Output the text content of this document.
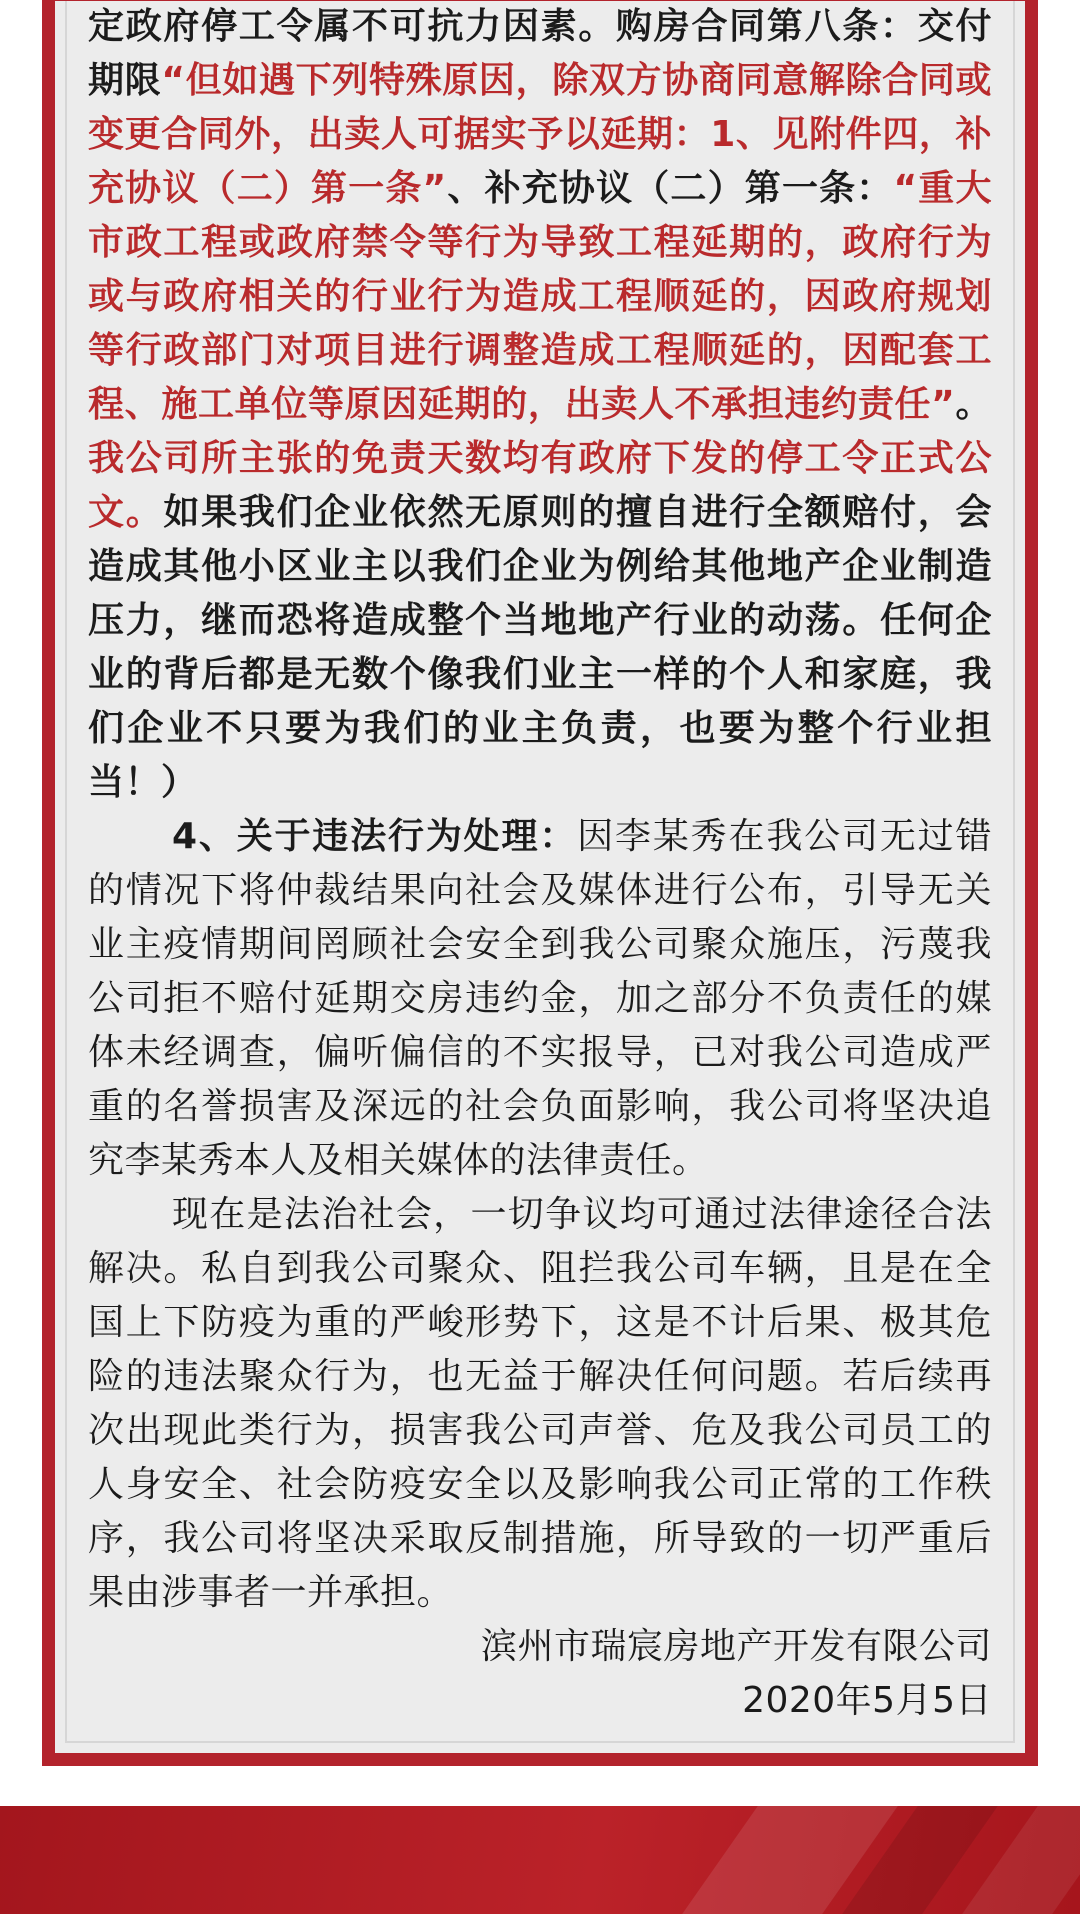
定政府停工令属不可抗力因素。购房合同第八条：交付期限“但如遇下列特殊原因，除双方协商同意解除合同或变更合同外，出卖人可据实予以延期：1、见附件四，补充协议（二）第一条”、补充协议（二）第一条：“重大市政工程或政府禁令等行为导致工程延期的，政府行为或与政府相关的行业行为造成工程顺延的，因政府规划等行政部门对项目进行调整造成工程顺延的，因配套工程、施工单位等原因延期的，出卖人不承担违约责任”。我公司所主张的免责天数均有政府下发的停工令正式公文。如果我们企业依然无原则的擅自进行全额赔付，会造成其他小区业主以我们企业为例给其他地产企业制造压力，继而恐将造成整个当地地产行业的动荡。任何企业的背后都是无数个像我们业主一样的个人和家庭，我们企业不只要为我们的业主负责，也要为整个行业担当！）

4、关于违法行为处理：因李某秀在我公司无过错的情况下将仲裁结果向社会及媒体进行公布，引导无关业主疫情期间罔顾社会安全到我公司聚众施压，污蔑我公司拒不赔付延期交房违约金，加之部分不负责任的媒体未经调查，偏听偏信的不实报导，已对我公司造成严重的名誉损害及深远的社会负面影响，我公司将坚决追究李某秀本人及相关媒体的法律责任。

现在是法治社会，一切争议均可通过法律途径合法解决。私自到我公司聚众、阻拦我公司车辆，且是在全国上下防疫为重的严峻形势下，这是不计后果、极其危险的违法聚众行为，也无益于解决任何问题。若后续再次出现此类行为，损害我公司声誉、危及我公司员工的人身安全、社会防疫安全以及影响我公司正常的工作秩序，我公司将坚决采取反制措施，所导致的一切严重后果由涉事者一并承担。

滨州市瑞宸房地产开发有限公司

2020年5月5日
